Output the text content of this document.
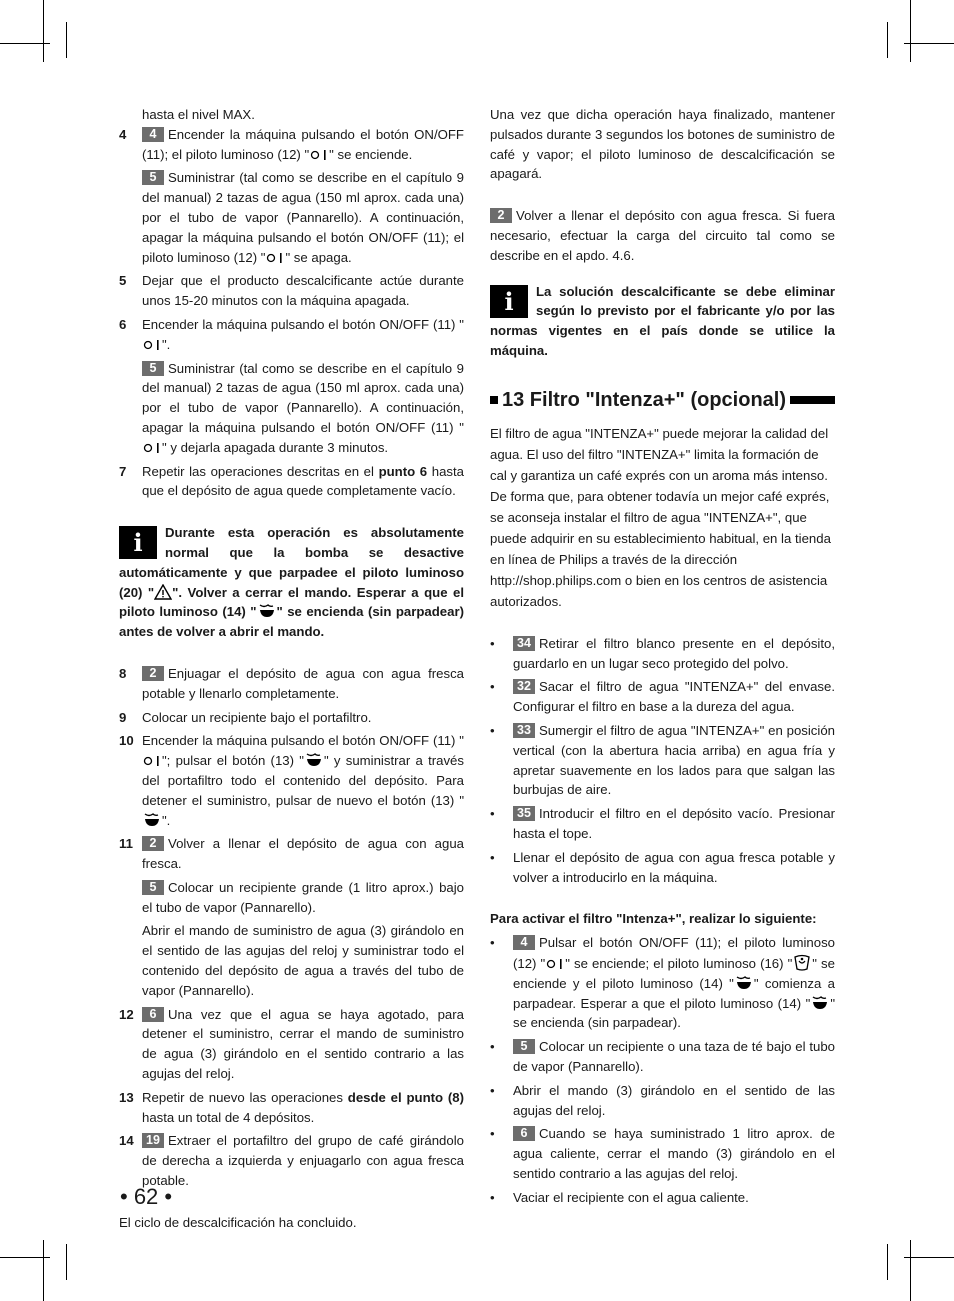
hasta el nivel MAX.

4	4 Encender la máquina pulsando el botón ON/OFF (11); el piloto luminoso (12) " " se enciende.

5 Suministrar (tal como se describe en el capítulo 9 del manual) 2 tazas de agua (150 ml aprox. cada una) por el tubo de vapor (Pannarello). A continuación, apagar la máquina pulsando el botón ON/OFF (11); el piloto luminoso (12) " " se apaga.

5 Dejar que el producto descalcificante actúe durante unos 15-20 minutos con la máquina apagada.

6 Encender la máquina pulsando el botón ON/OFF (11) "".

5 Suministrar (tal como se describe en el capítulo 9 del manual) 2 tazas de agua (150 ml aprox. cada una) por el tubo de vapor (Pannarello). A continuación, apagar la máquina pulsando el botón ON/OFF (11) "" y dejarla apagada durante 3 minutos.

7 Repetir las operaciones descritas en el punto 6 hasta que el depósito de agua quede completamente vacío.

i	Durante esta operación es absolutamente normal que la bomba se desactive automáticamente y que parpadee el piloto luminoso (20) " ". Volver a cerrar el mando. Esperar a que el piloto luminoso (14) " " se encienda (sin parpadear) antes de volver a abrir el mando.

8	2 Enjuagar el depósito de agua con agua fresca potable y llenarlo completamente.

9 Colocar un recipiente bajo el portafiltro.

10 Encender la máquina pulsando el botón ON/OFF (11) ""; pulsar el botón (13) " " y suministrar a través del portafiltro todo el contenido del depósito. Para detener el suministro, pulsar de nuevo el botón (13) "".

11	2 Volver a llenar el depósito de agua con agua fresca.

5 Colocar un recipiente grande (1 litro aprox.) bajo el tubo de vapor (Pannarello).

Abrir el mando de suministro de agua (3) girándolo en el sentido de las agujas del reloj y suministrar todo el contenido del depósito de agua a través del tubo de vapor (Pannarello).

12	6 Una vez que el agua se haya agotado, para detener el suministro, cerrar el mando de suministro de agua (3) girándolo en el sentido contrario a las agujas del reloj.

13 Repetir de nuevo las operaciones desde el punto (8) hasta un total de 4 depósitos.

14 19 Extraer el portafiltro del grupo de café girándolo de derecha a izquierda y enjuagarlo con agua fresca potable.

El ciclo de descalcificación ha concluido.

Una vez que dicha operación haya finalizado, mantener pulsados durante 3 segundos los botones de suministro de café y vapor; el piloto luminoso de descalcificación se apagará.

2 Volver a llenar el depósito con agua fresca. Si fuera necesario, efectuar la carga del circuito tal como se describe en el apdo. 4.6.

i	La solución descalcificante se debe eliminar según lo previsto por el fabricante y/o por las normas vigentes en el país donde se utilice la máquina.

13 Filtro "Intenza+" (opcional)

El filtro de agua "INTENZA+" puede mejorar la calidad del agua. El uso del filtro "INTENZA+" limita la formación de cal y garantiza un café exprés con un aroma más intenso. De forma que, para obtener todavía un mejor café exprés, se aconseja instalar el filtro de agua "INTENZA+", que puede adquirir en su establecimiento habitual, en la tienda en línea de Philips a través de la dirección http://shop.philips.com o bien en los centros de asistencia autorizados.

• 34 Retirar el filtro blanco presente en el depósito, guardarlo en un lugar seco protegido del polvo.

• 32 Sacar el filtro de agua "INTENZA+" del envase. Configurar el filtro en base a la dureza del agua.

• 33 Sumergir el filtro de agua "INTENZA+" en posición vertical (con la abertura hacia arriba) en agua fría y apretar suavemente en los lados para que salgan las burbujas de aire.

• 35 Introducir el filtro en el depósito vacío. Presionar hasta el tope.

• Llenar el depósito de agua con agua fresca potable y volver a introducirlo en la máquina.

Para activar el filtro "Intenza+", realizar lo siguiente:

• 4 Pulsar el botón ON/OFF (11); el piloto luminoso (12) " " se enciende; el piloto luminoso (16) " " se enciende y el piloto luminoso (14) " " comienza a parpadear. Esperar a que el piloto luminoso (14) " " se encienda (sin parpadear).

• 5 Colocar un recipiente o una taza de té bajo el tubo de vapor (Pannarello).

• Abrir el mando (3) girándolo en el sentido de las agujas del reloj.

• 6 Cuando se haya suministrado 1 litro aprox. de agua caliente, cerrar el mando (3) girándolo en el sentido contrario a las agujas del reloj.

• Vaciar el recipiente con el agua caliente.

• 62 •
